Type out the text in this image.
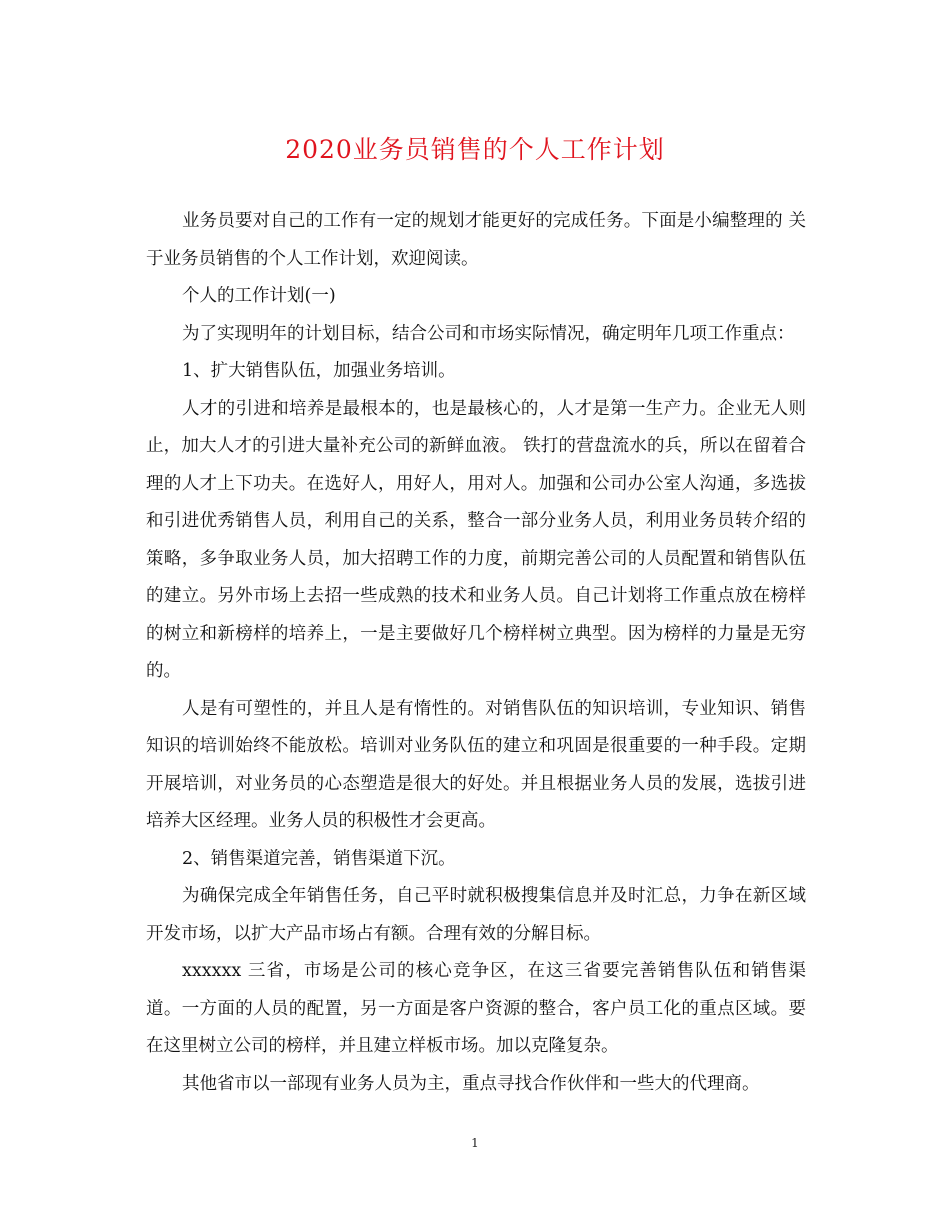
2020业务员销售的个人工作计划

业务员要对自己的工作有一定的规划才能更好的完成任务。下面是小编整理的 关于业务员销售的个人工作计划，欢迎阅读。

个人的工作计划(一)

为了实现明年的计划目标，结合公司和市场实际情况，确定明年几项工作重点：

1、扩大销售队伍，加强业务培训。

人才的引进和培养是最根本的，也是最核心的，人才是第一生产力。企业无人则止，加大人才的引进大量补充公司的新鲜血液。 铁打的营盘流水的兵，所以在留着合理的人才上下功夫。在选好人，用好人，用对人。加强和公司办公室人沟通，多选拔和引进优秀销售人员，利用自己的关系，整合一部分业务人员，利用业务员转介绍的策略，多争取业务人员，加大招聘工作的力度，前期完善公司的人员配置和销售队伍的建立。另外市场上去招一些成熟的技术和业务人员。自己计划将工作重点放在榜样的树立和新榜样的培养上，一是主要做好几个榜样树立典型。因为榜样的力量是无穷的。

人是有可塑性的，并且人是有惰性的。对销售队伍的知识培训，专业知识、销售知识的培训始终不能放松。培训对业务队伍的建立和巩固是很重要的一种手段。定期开展培训，对业务员的心态塑造是很大的好处。并且根据业务人员的发展，选拔引进培养大区经理。业务人员的积极性才会更高。

2、销售渠道完善，销售渠道下沉。

为确保完成全年销售任务，自己平时就积极搜集信息并及时汇总，力争在新区域开发市场，以扩大产品市场占有额。合理有效的分解目标。

xxxxxx 三省，市场是公司的核心竞争区，在这三省要完善销售队伍和销售渠道。一方面的人员的配置，另一方面是客户资源的整合，客户员工化的重点区域。要在这里树立公司的榜样，并且建立样板市场。加以克隆复杂。

其他省市以一部现有业务人员为主，重点寻找合作伙伴和一些大的代理商。

1
